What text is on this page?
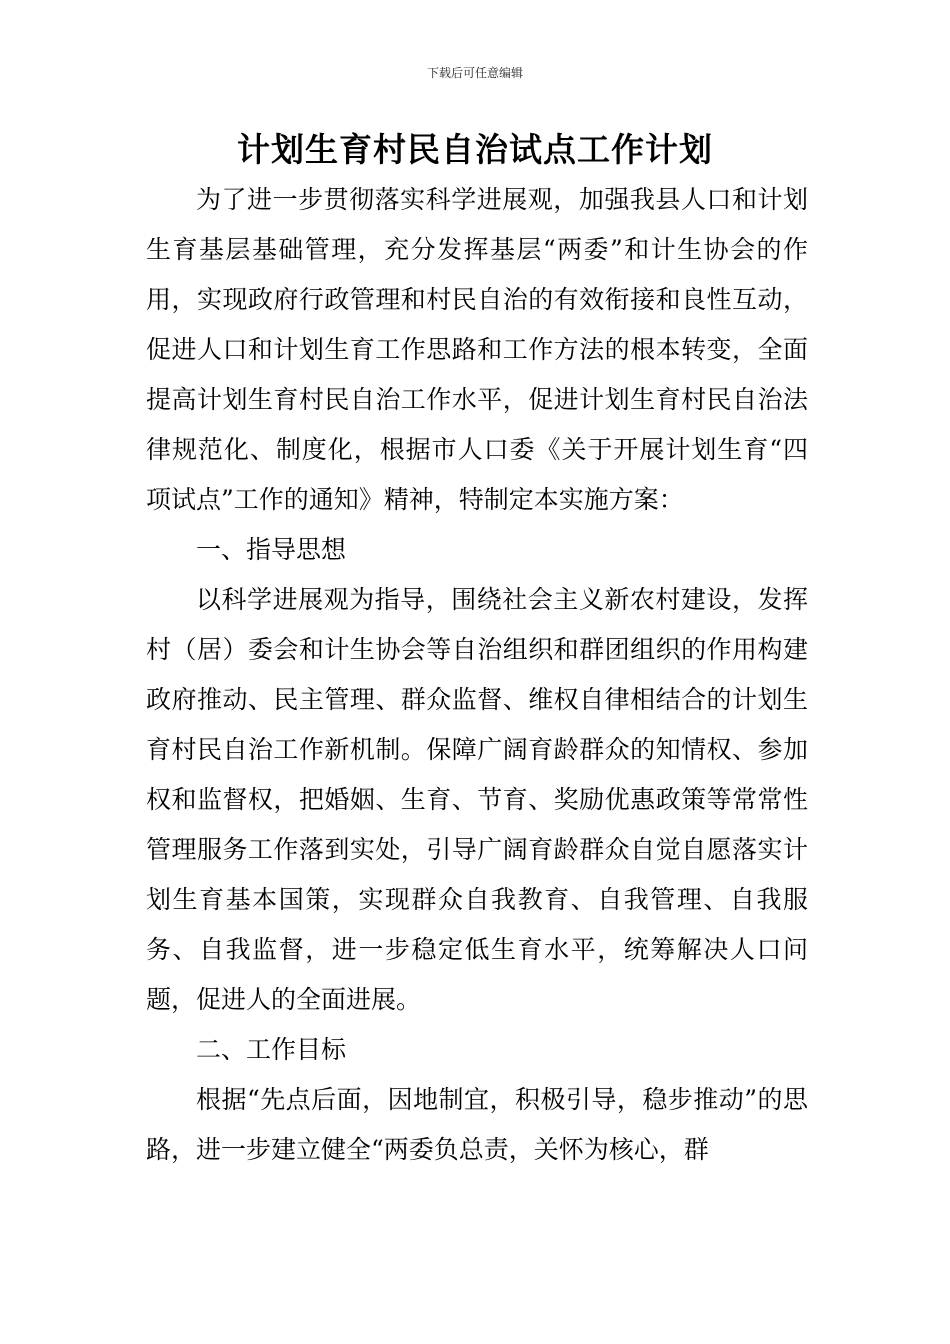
下载后可任意编辑
计划生育村民自治试点工作计划

为了进一步贯彻落实科学进展观，加强我县人口和计划生育基层基础管理，充分发挥基层“两委”和计生协会的作用，实现政府行政管理和村民自治的有效衔接和良性互动，促进人口和计划生育工作思路和工作方法的根本转变，全面提高计划生育村民自治工作水平，促进计划生育村民自治法律规范化、制度化，根据市人口委《关于开展计划生育“四项试点”工作的通知》精神，特制定本实施方案：

一、指导思想

以科学进展观为指导，围绕社会主义新农村建设，发挥村（居）委会和计生协会等自治组织和群团组织的作用构建政府推动、民主管理、群众监督、维权自律相结合的计划生育村民自治工作新机制。保障广阔育龄群众的知情权、参加权和监督权，把婚姻、生育、节育、奖励优惠政策等常常性管理服务工作落到实处，引导广阔育龄群众自觉自愿落实计划生育基本国策，实现群众自我教育、自我管理、自我服务、自我监督，进一步稳定低生育水平，统筹解决人口问题，促进人的全面进展。

二、工作目标

根据“先点后面，因地制宜，积极引导，稳步推动”的思路，进一步建立健全“两委负总责，关怀为核心，群
